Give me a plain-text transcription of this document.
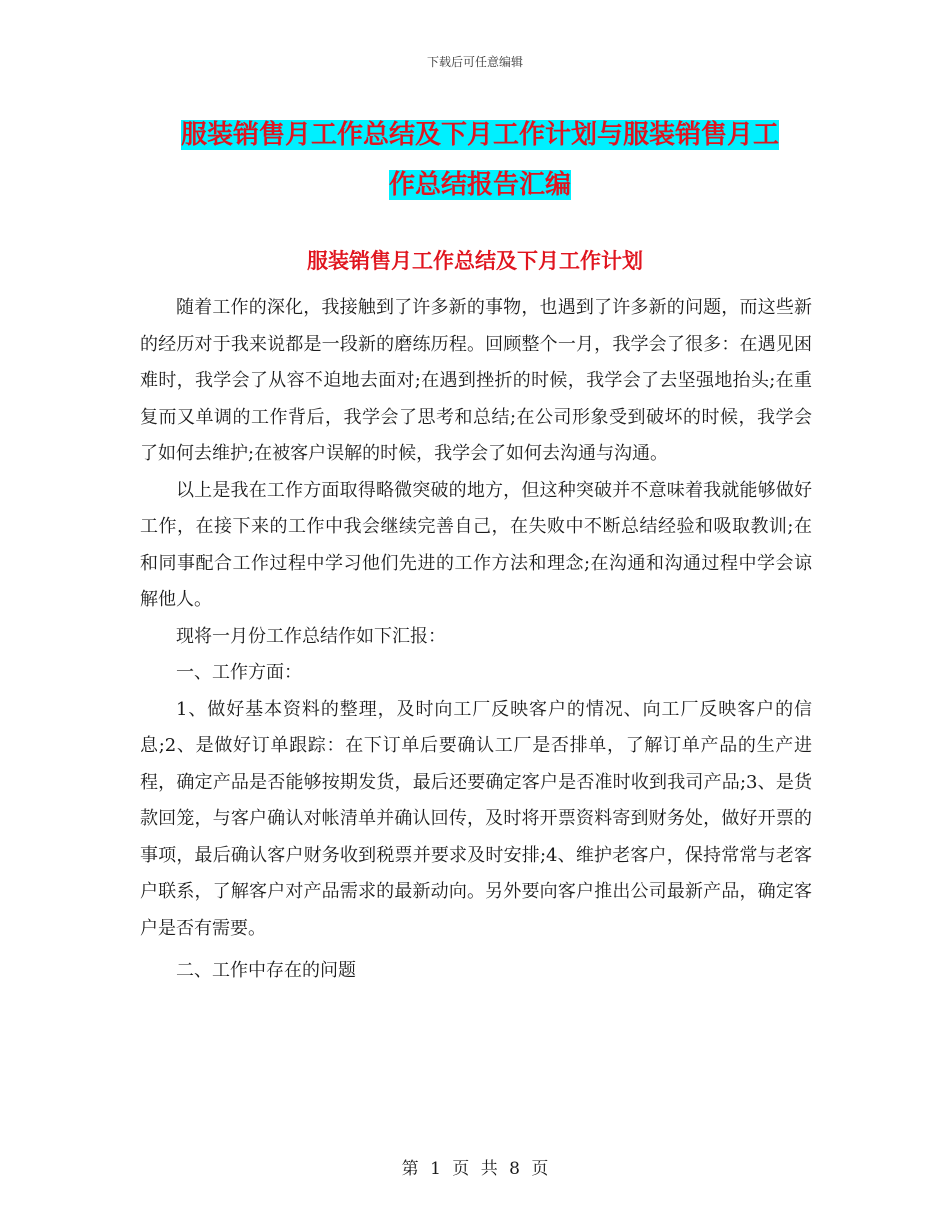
下载后可任意编辑
服装销售月工作总结及下月工作计划与服装销售月工
作总结报告汇编
服装销售月工作总结及下月工作计划

随着工作的深化，我接触到了许多新的事物，也遇到了许多新的问题，而这些新的经历对于我来说都是一段新的磨练历程。回顾整个一月，我学会了很多：在遇见困难时，我学会了从容不迫地去面对;在遇到挫折的时候，我学会了去坚强地抬头;在重复而又单调的工作背后，我学会了思考和总结;在公司形象受到破坏的时候，我学会了如何去维护;在被客户误解的时候，我学会了如何去沟通与沟通。

以上是我在工作方面取得略微突破的地方，但这种突破并不意味着我就能够做好工作，在接下来的工作中我会继续完善自己，在失败中不断总结经验和吸取教训;在和同事配合工作过程中学习他们先进的工作方法和理念;在沟通和沟通过程中学会谅解他人。

现将一月份工作总结作如下汇报：

一、工作方面：

1、做好基本资料的整理，及时向工厂反映客户的情况、向工厂反映客户的信息;2、是做好订单跟踪：在下订单后要确认工厂是否排单，了解订单产品的生产进程，确定产品是否能够按期发货，最后还要确定客户是否准时收到我司产品;3、是货款回笼，与客户确认对帐清单并确认回传，及时将开票资料寄到财务处，做好开票的事项，最后确认客户财务收到税票并要求及时安排;4、维护老客户，保持常常与老客户联系，了解客户对产品需求的最新动向。另外要向客户推出公司最新产品，确定客户是否有需要。

二、工作中存在的问题

第 1 页 共 8 页
